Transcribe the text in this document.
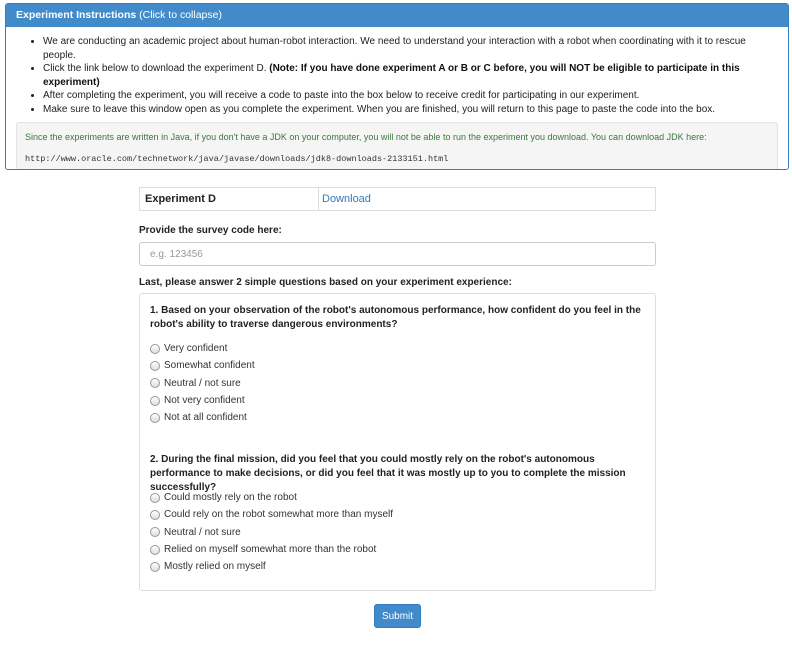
Experiment Instructions (Click to collapse)
• We are conducting an academic project about human-robot interaction. We need to understand your interaction with a robot when coordinating with it to rescue people.
• Click the link below to download the experiment D. (Note: If you have done experiment A or B or C before, you will NOT be eligible to participate in this experiment)
• After completing the experiment, you will receive a code to paste into the box below to receive credit for participating in our experiment.
• Make sure to leave this window open as you complete the experiment. When you are finished, you will return to this page to paste the code into the box.
Since the experiments are written in Java, if you don't have a JDK on your computer, you will not be able to run the experiment you download. You can download JDK here:
http://www.oracle.com/technetwork/java/javase/downloads/jdk8-downloads-2133151.html
Experiment D	Download
Provide the survey code here:
e.g. 123456
Last, please answer 2 simple questions based on your experiment experience:
1. Based on your observation of the robot's autonomous performance, how confident do you feel in the robot's ability to traverse dangerous environments?
Very confident
Somewhat confident
Neutral / not sure
Not very confident
Not at all confident
2. During the final mission, did you feel that you could mostly rely on the robot's autonomous performance to make decisions, or did you feel that it was mostly up to you to complete the mission successfully?
Could mostly rely on the robot
Could rely on the robot somewhat more than myself
Neutral / not sure
Relied on myself somewhat more than the robot
Mostly relied on myself
Submit
